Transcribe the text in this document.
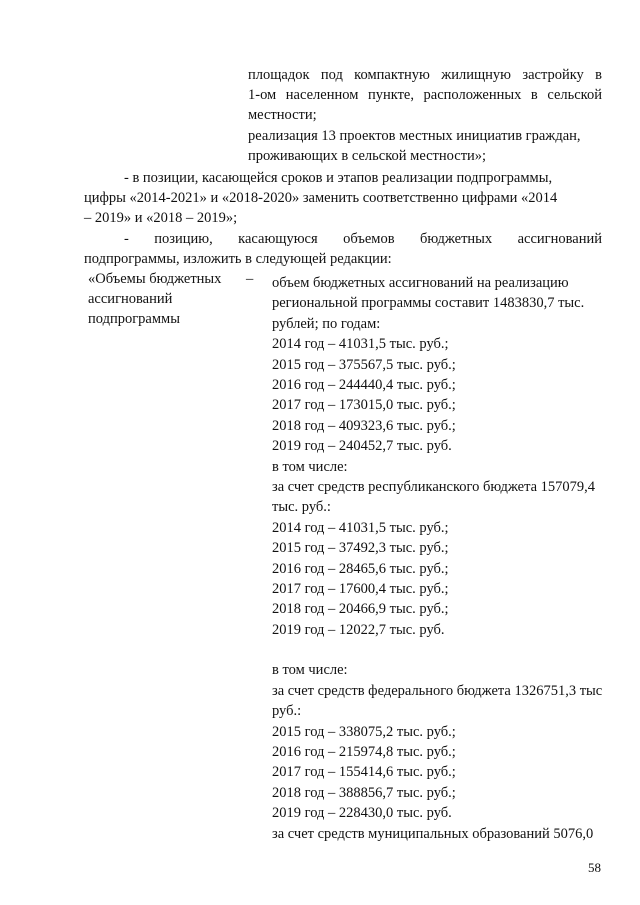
площадок под компактную жилищную застройку в
1-ом населенном пункте, расположенных в сельской
местности;
реализация 13 проектов местных инициатив граждан,
проживающих в сельской местности»;
- в позиции, касающейся сроков и этапов реализации подпрограммы,
цифры «2014-2021» и «2018-2020» заменить соответственно цифрами «2014
– 2019» и «2018 – 2019»;
- позицию, касающуюся объемов бюджетных ассигнований
подпрограммы, изложить в следующей редакции:
«Объемы бюджетных
ассигнований
подпрограммы
– объем бюджетных ассигнований на реализацию
региональной программы составит 1483830,7 тыс.
рублей; по годам:
2014 год – 41031,5 тыс. руб.;
2015 год – 375567,5 тыс. руб.;
2016 год – 244440,4 тыс. руб.;
2017 год – 173015,0 тыс. руб.;
2018 год – 409323,6 тыс. руб.;
2019 год – 240452,7 тыс. руб.
в том числе:
за счет средств республиканского бюджета 157079,4
тыс. руб.:
2014 год – 41031,5 тыс. руб.;
2015 год – 37492,3 тыс. руб.;
2016 год – 28465,6 тыс. руб.;
2017 год – 17600,4 тыс. руб.;
2018 год – 20466,9 тыс. руб.;
2019 год – 12022,7 тыс. руб.
в том числе:
за счет средств федерального бюджета 1326751,3 тыс
руб.:
2015 год – 338075,2 тыс. руб.;
2016 год – 215974,8 тыс. руб.;
2017 год – 155414,6 тыс. руб.;
2018 год – 388856,7 тыс. руб.;
2019 год – 228430,0 тыс. руб.
за счет средств муниципальных образований 5076,0
58
